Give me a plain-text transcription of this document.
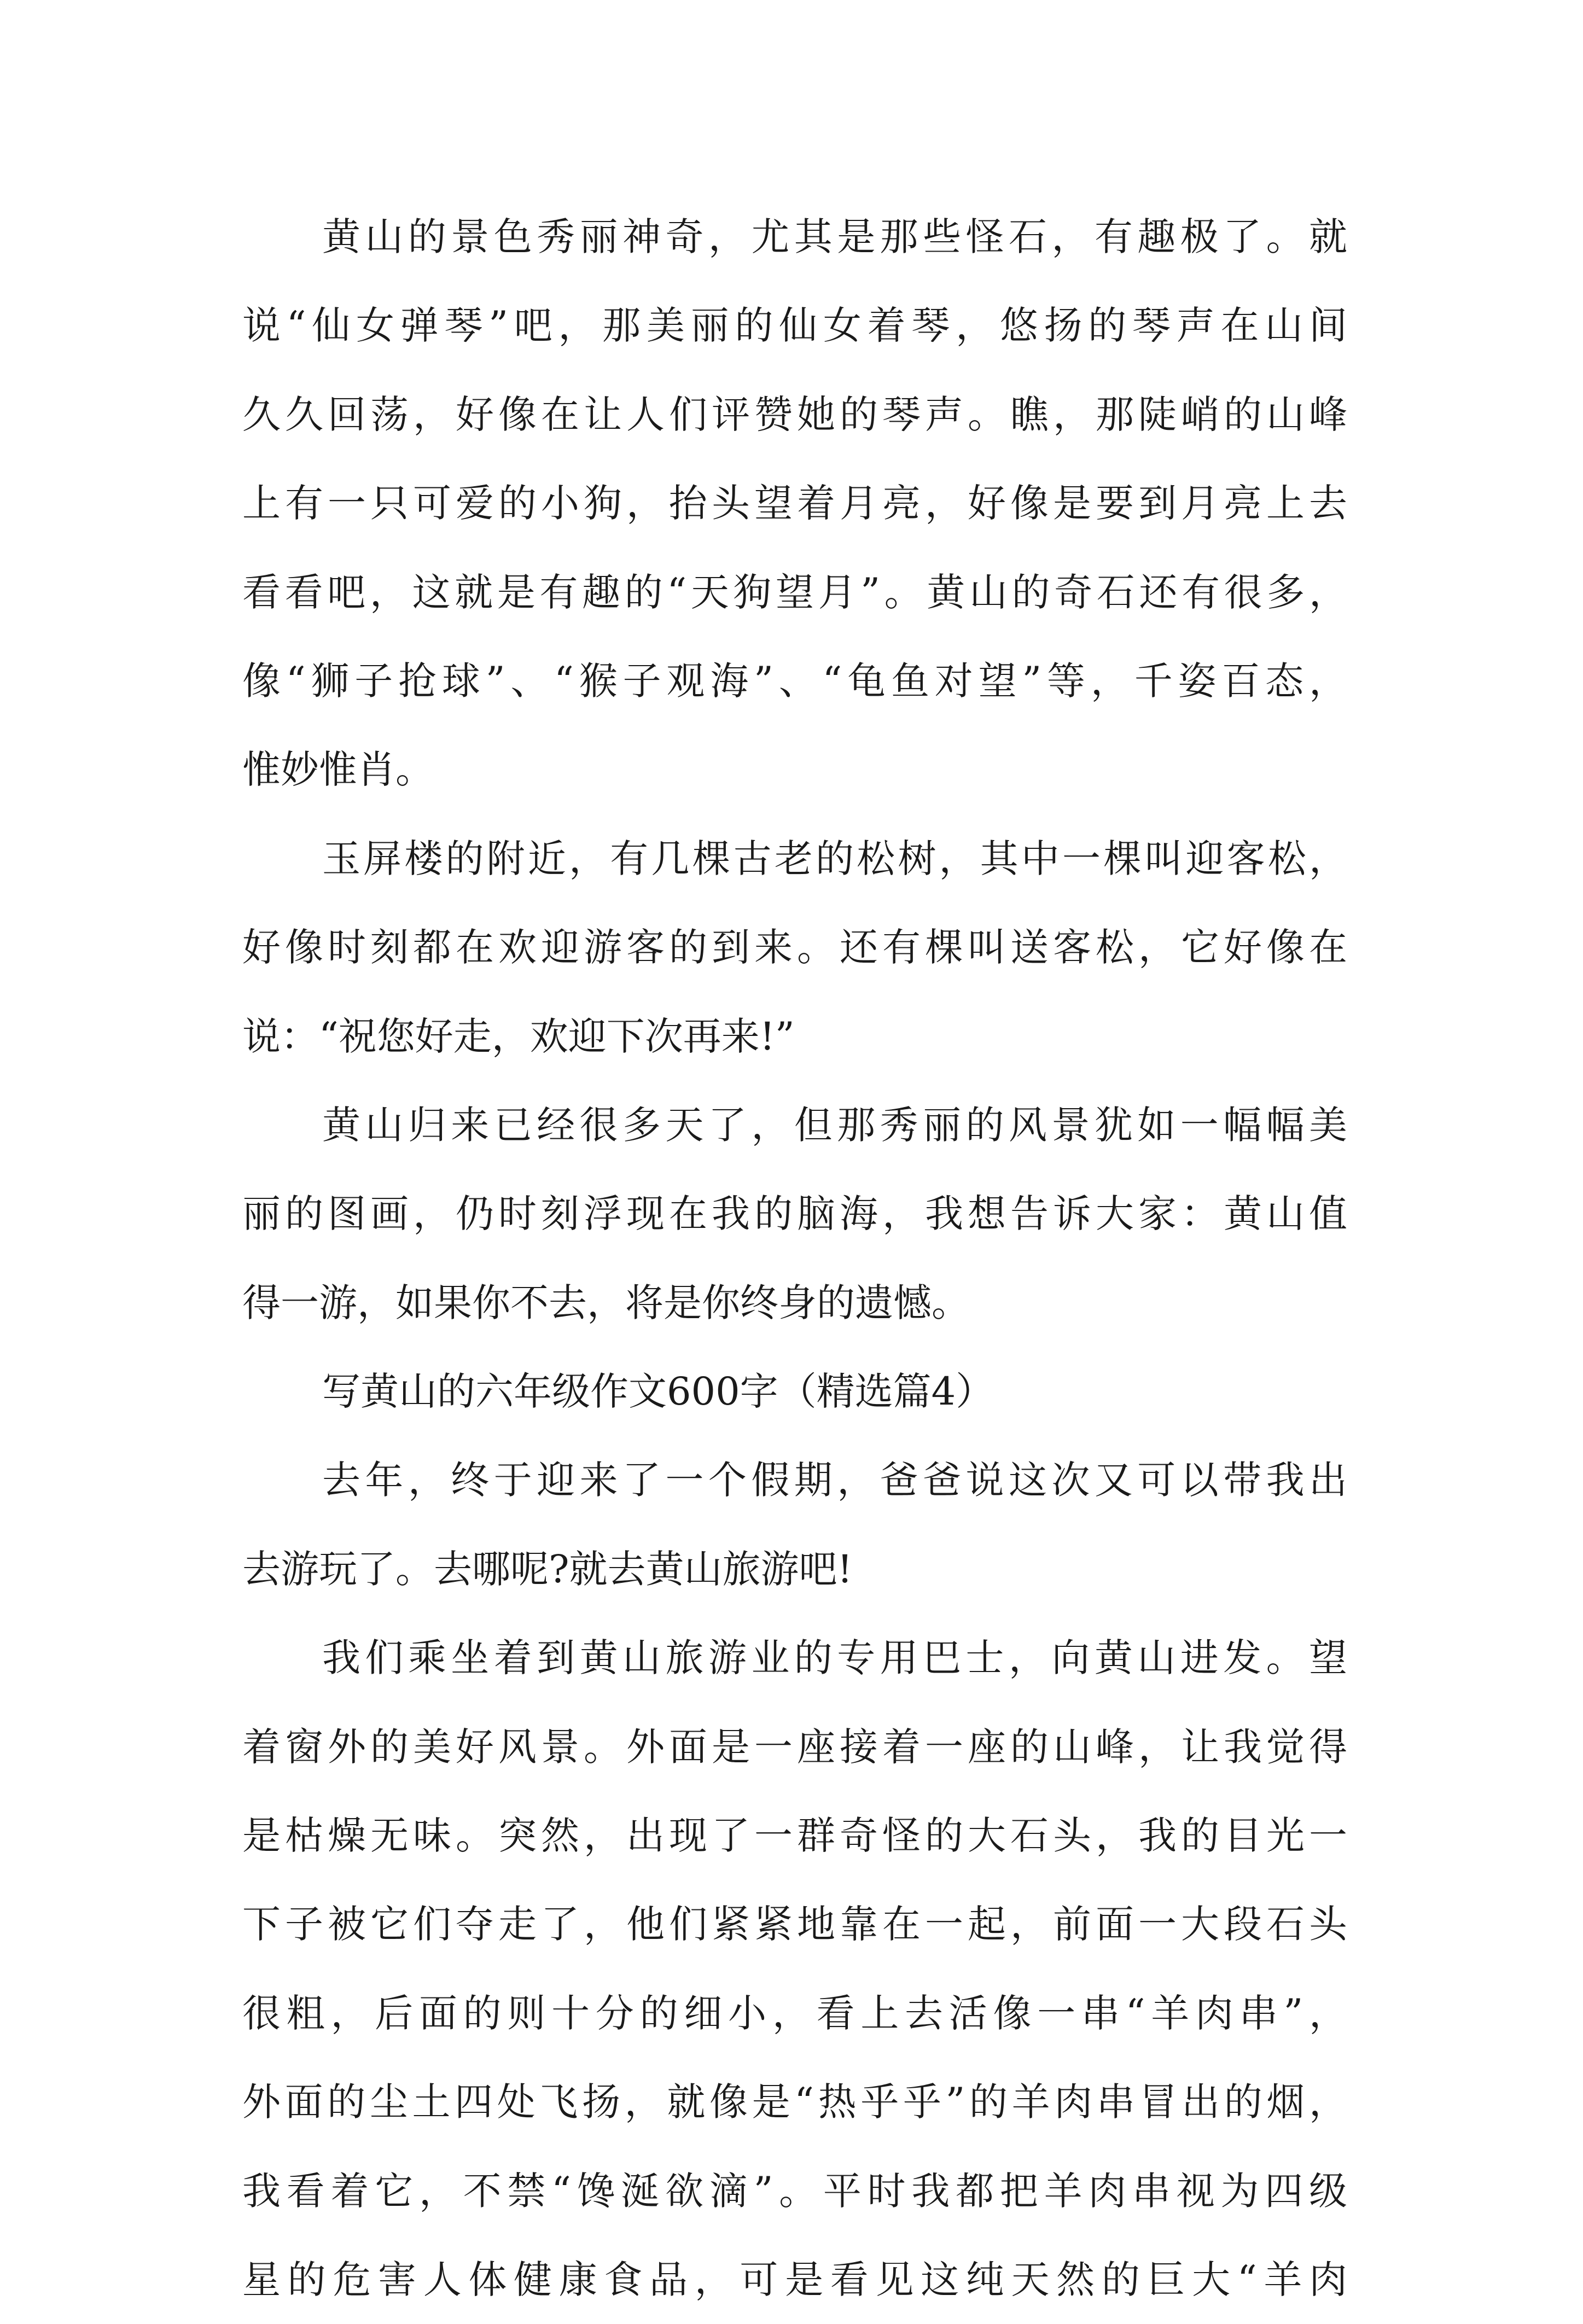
黄山的景色秀丽神奇，尤其是那些怪石，有趣极了。就
说“仙女弹琴”吧，那美丽的仙女着琴，悠扬的琴声在山间
久久回荡，好像在让人们评赞她的琴声。瞧，那陡峭的山峰
上有一只可爱的小狗，抬头望着月亮，好像是要到月亮上去
看看吧，这就是有趣的“天狗望月”。黄山的奇石还有很多，
像“狮子抢球”、“猴子观海”、“龟鱼对望”等，千姿百态，
惟妙惟肖。
玉屏楼的附近，有几棵古老的松树，其中一棵叫迎客松，
好像时刻都在欢迎游客的到来。还有棵叫送客松，它好像在
说：“祝您好走，欢迎下次再来!”
黄山归来已经很多天了，但那秀丽的风景犹如一幅幅美
丽的图画，仍时刻浮现在我的脑海，我想告诉大家：黄山值
得一游，如果你不去，将是你终身的遗憾。
写黄山的六年级作文600字（精选篇4）
去年，终于迎来了一个假期，爸爸说这次又可以带我出
去游玩了。去哪呢?就去黄山旅游吧!
我们乘坐着到黄山旅游业的专用巴士，向黄山进发。望
着窗外的美好风景。外面是一座接着一座的山峰，让我觉得
是枯燥无味。突然，出现了一群奇怪的大石头，我的目光一
下子被它们夺走了，他们紧紧地靠在一起，前面一大段石头
很粗，后面的则十分的细小，看上去活像一串“羊肉串”，
外面的尘土四处飞扬，就像是“热乎乎”的羊肉串冒出的烟，
我看着它，不禁“馋涎欲滴”。平时我都把羊肉串视为四级
星的危害人体健康食品，可是看见这纯天然的巨大“羊肉
